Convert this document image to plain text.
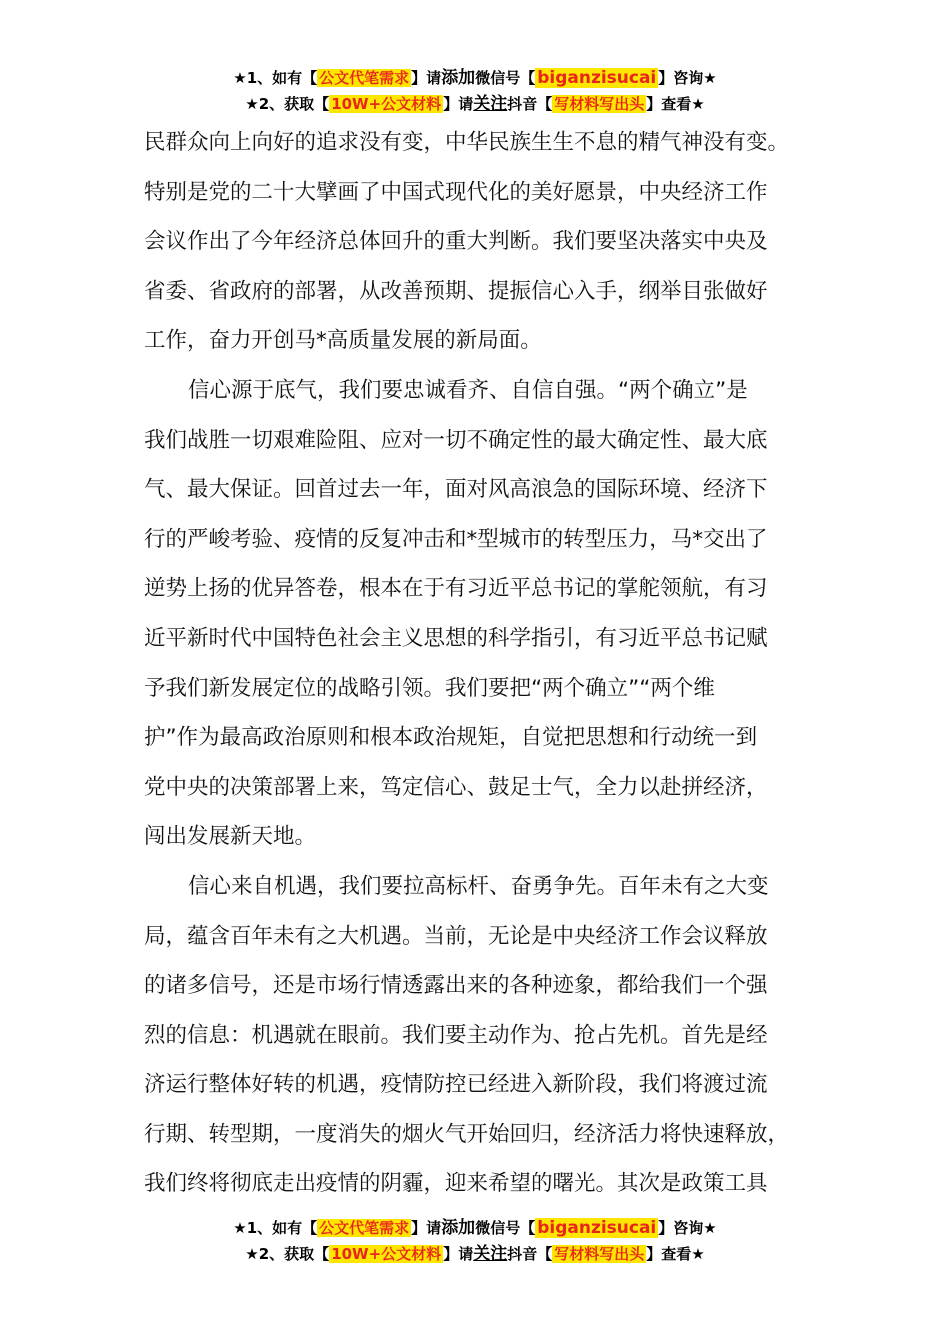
★1、如有【 公文代笔需求 】请添加微信号【 biganzisucai 】咨询★
★2、获取【 10W+公文材料 】请关注抖音【 写材料写出头 】查看★
民群众向上向好的追求没有变，中华民族生生不息的精气神没有变。
特别是党的二十大擘画了中国式现代化的美好愿景，中央经济工作
会议作出了今年经济总体回升的重大判断。我们要坚决落实中央及
省委、省政府的部署，从改善预期、提振信心入手，纲举目张做好
工作，奋力开创马*高质量发展的新局面。
信心源于底气，我们要忠诚看齐、自信自强。“两个确立”是
我们战胜一切艰难险阻、应对一切不确定性的最大确定性、最大底
气、最大保证。回首过去一年，面对风高浪急的国际环境、经济下
行的严峻考验、疫情的反复冲击和*型城市的转型压力，马*交出了
逆势上扬的优异答卷，根本在于有习近平总书记的掌舵领航，有习
近平新时代中国特色社会主义思想的科学指引，有习近平总书记赋
予我们新发展定位的战略引领。我们要把“两个确立”“两个维
护”作为最高政治原则和根本政治规矩，自觉把思想和行动统一到
党中央的决策部署上来，笃定信心、鼓足士气，全力以赴拼经济，
闯出发展新天地。
信心来自机遇，我们要拉高标杆、奋勇争先。百年未有之大变
局，蕴含百年未有之大机遇。当前，无论是中央经济工作会议释放
的诸多信号，还是市场行情透露出来的各种迹象，都给我们一个强
烈的信息：机遇就在眼前。我们要主动作为、抢占先机。首先是经
济运行整体好转的机遇，疫情防控已经进入新阶段，我们将渡过流
行期、转型期，一度消失的烟火气开始回归，经济活力将快速释放，
我们终将彻底走出疫情的阴霾，迎来希望的曙光。其次是政策工具
★1、如有【 公文代笔需求 】请添加微信号【 biganzisucai 】咨询★
★2、获取【 10W+公文材料 】请关注抖音【 写材料写出头 】查看★
